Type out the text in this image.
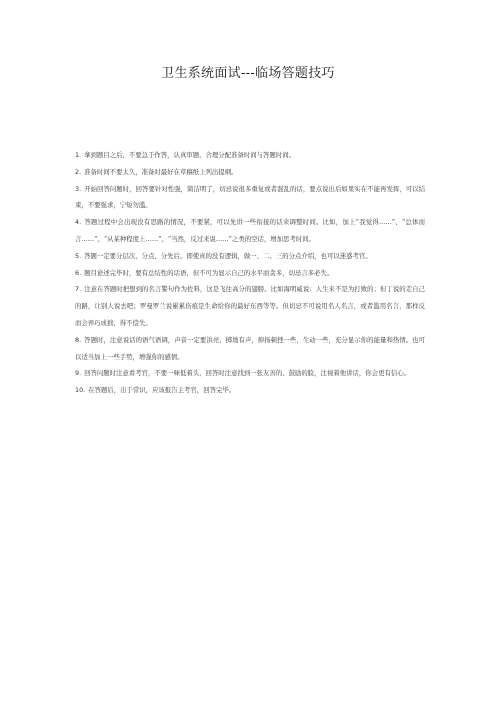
卫生系统面试---临场答题技巧
1. 拿到题目之后，不要急于作答，认真审题，合理分配准备时间与答题时间。
2. 准备时间不要太久，准备时最好在草稿纸上列出提纲。
3. 开始回答问题时，回答要针对性强，简洁明了，切忌说很多重复或者混乱的话，要点说出后如果实在不能再发挥，可以结束，不要强求，宁短勿滥。
4. 答题过程中会出现没有思路的情况，不要紧，可以先讲一些衔接的话来调整时间。比如，加上“我觉得……”、“总体而言……”、“从某种程度上……”、“当然，反过来说……”之类的空话，增加思考时间。
5. 答题一定要分层次、分点、分先后。即使真的没有逻辑，做一、二、三的分点介绍，也可以迷惑考官。
6. 题目论述完毕时，要有总结性的话语，但不可为显示自己的水平而贪多，切忌言多必失。
7. 注意在答题时把想到的名言警句作为佐料，这是飞往高分的翅膀。比如海明威说：人生来不是为打败的；但丁说的走自己的路，让别人说去吧；罗曼罗兰说累累伤痕是生命给你的最好东西等等。但切忌不可说用名人名言，或者滥用名言，那样反而会弄巧成拙，得不偿失。
8. 答题时，注意说话的语气语调，声音一定要洪亮，掷地有声，抑扬顿挫一些，生动一些，充分显示你的能量和热情。也可以适当加上一些手势，增强你的感情。
9. 回答问题时注意看考官，不要一味低着头，回答时注意找到一张友善的、鼓励的脸，注视着他讲话，你会更有信心。
10. 在答题后，出于常识，应该报告主考官，回答完毕。
